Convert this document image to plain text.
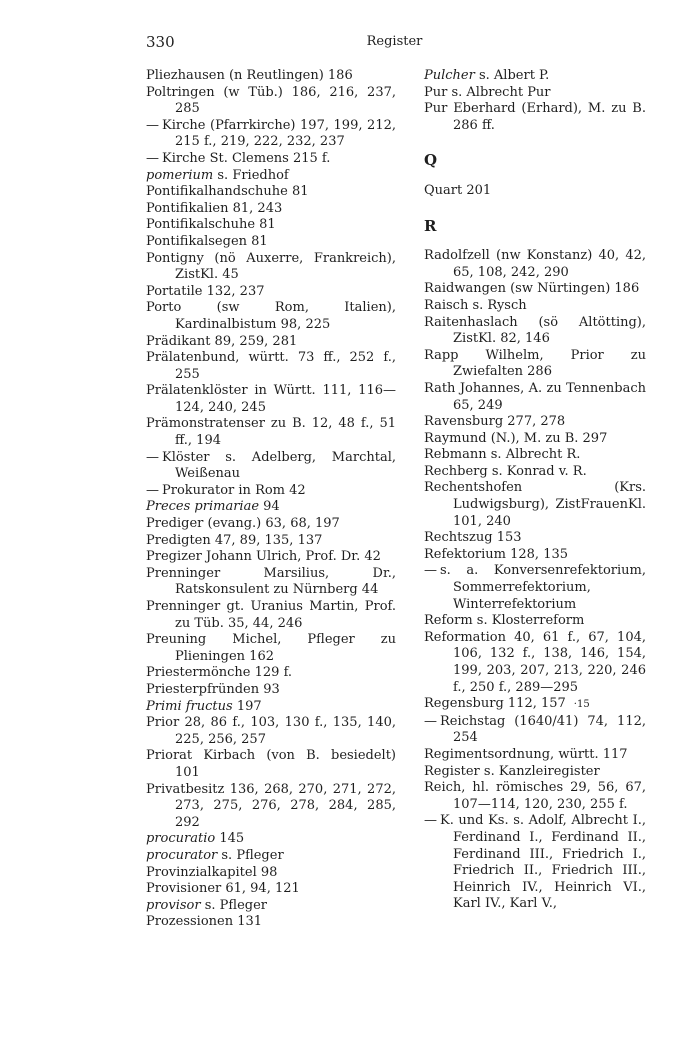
330	Register
Pliezhausen (n Reutlingen) 186
Poltringen (w Tüb.) 186, 216, 237, 285
— Kirche (Pfarrkirche) 197, 199, 212, 215 f., 219, 222, 232, 237
— Kirche St. Clemens 215 f.
pomerium s. Friedhof
Pontifikalhandschuhe 81
Pontifikalien 81, 243
Pontifikalschuhe 81
Pontifikalsegen 81
Pontigny (nö Auxerre, Frankreich), ZistKl. 45
Portatile 132, 237
Porto (sw Rom, Italien), Kardinalbistum 98, 225
Prädikant 89, 259, 281
Prälatenbund, württ. 73 ff., 252 f., 255
Prälatenklöster in Württ. 111, 116—124, 240, 245
Prämonstratenser zu B. 12, 48 f., 51 ff., 194
— Klöster s. Adelberg, Marchtal, Weißenau
— Prokurator in Rom 42
Preces primariae 94
Prediger (evang.) 63, 68, 197
Predigten 47, 89, 135, 137
Pregizer Johann Ulrich, Prof. Dr. 42
Prenninger Marsilius, Dr., Ratskonsulent zu Nürnberg 44
Prenninger gt. Uranius Martin, Prof. zu Tüb. 35, 44, 246
Preuning Michel, Pfleger zu Plieningen 162
Priestermönche 129 f.
Priesterpfründen 93
Primi fructus 197
Prior 28, 86 f., 103, 130 f., 135, 140, 225, 256, 257
Priorat Kirbach (von B. besiedelt) 101
Privatbesitz 136, 268, 270, 271, 272, 273, 275, 276, 278, 284, 285, 292
procuratio 145
procurator s. Pfleger
Provinzialkapitel 98
Provisioner 61, 94, 121
provisor s. Pfleger
Prozessionen 131
Pulcher s. Albert P.
Pur s. Albrecht Pur
Pur Eberhard (Erhard), M. zu B. 286 ff.
Q
Quart 201
R
Radolfzell (nw Konstanz) 40, 42, 65, 108, 242, 290
Raidwangen (sw Nürtingen) 186
Raisch s. Rysch
Raitenhaslach (sö Altötting), ZistKl. 82, 146
Rapp Wilhelm, Prior zu Zwiefalten 286
Rath Johannes, A. zu Tennenbach 65, 249
Ravensburg 277, 278
Raymund (N.), M. zu B. 297
Rebmann s. Albrecht R.
Rechberg s. Konrad v. R.
Rechentshofen (Krs. Ludwigsburg), ZistFrauenKl. 101, 240
Rechtszug 153
Refektorium 128, 135
— s. a. Konversenrefektorium, Sommerrefektorium, Winterrefektorium
Reform s. Klosterreform
Reformation 40, 61 f., 67, 104, 106, 132 f., 138, 146, 154, 199, 203, 207, 213, 220, 246 f., 250 f., 289—295
Regensburg 112, 157 ·15
— Reichstag (1640/41) 74, 112, 254
Regimentsordnung, württ. 117
Register s. Kanzleiregister
Reich, hl. römisches 29, 56, 67, 107—114, 120, 230, 255 f.
— K. und Ks. s. Adolf, Albrecht I., Ferdinand I., Ferdinand II., Ferdinand III., Friedrich I., Friedrich II., Friedrich III., Heinrich IV., Heinrich VI., Karl IV., Karl V.,
